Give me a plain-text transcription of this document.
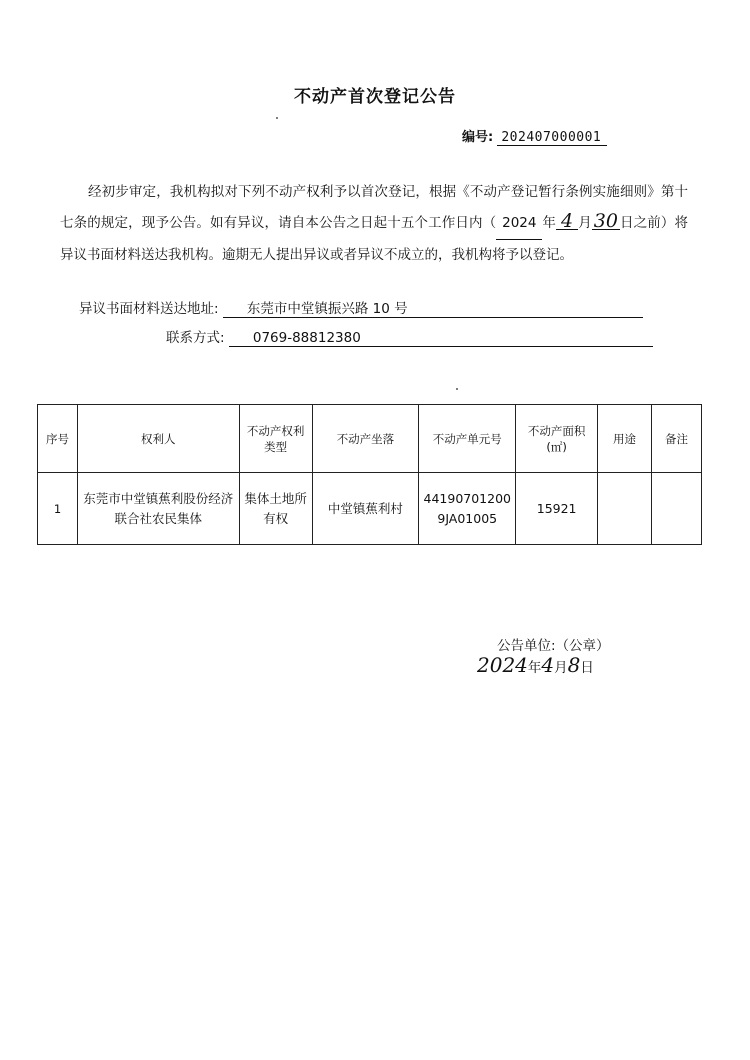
不动产首次登记公告
编号: 202407000001
经初步审定，我机构拟对下列不动产权利予以首次登记，根据《不动产登记暂行条例实施细则》第十七条的规定，现予公告。如有异议，请自本公告之日起十五个工作日内（ 2024 年 4 月 30 日之前）将异议书面材料送达我机构。逾期无人提出异议或者异议不成立的，我机构将予以登记。
异议书面材料送达地址: 东莞市中堂镇振兴路 10 号
联系方式: 0769-88812380
序号	权利人	不动产权利类型	不动产坐落	不动产单元号	不动产面积(㎡)	用途	备注
1	东莞市中堂镇蕉利股份经济联合社农民集体	集体土地所有权	中堂镇蕉利村	441907012009JA01005	15921		
公告单位:（公章）
2024年4月8日
